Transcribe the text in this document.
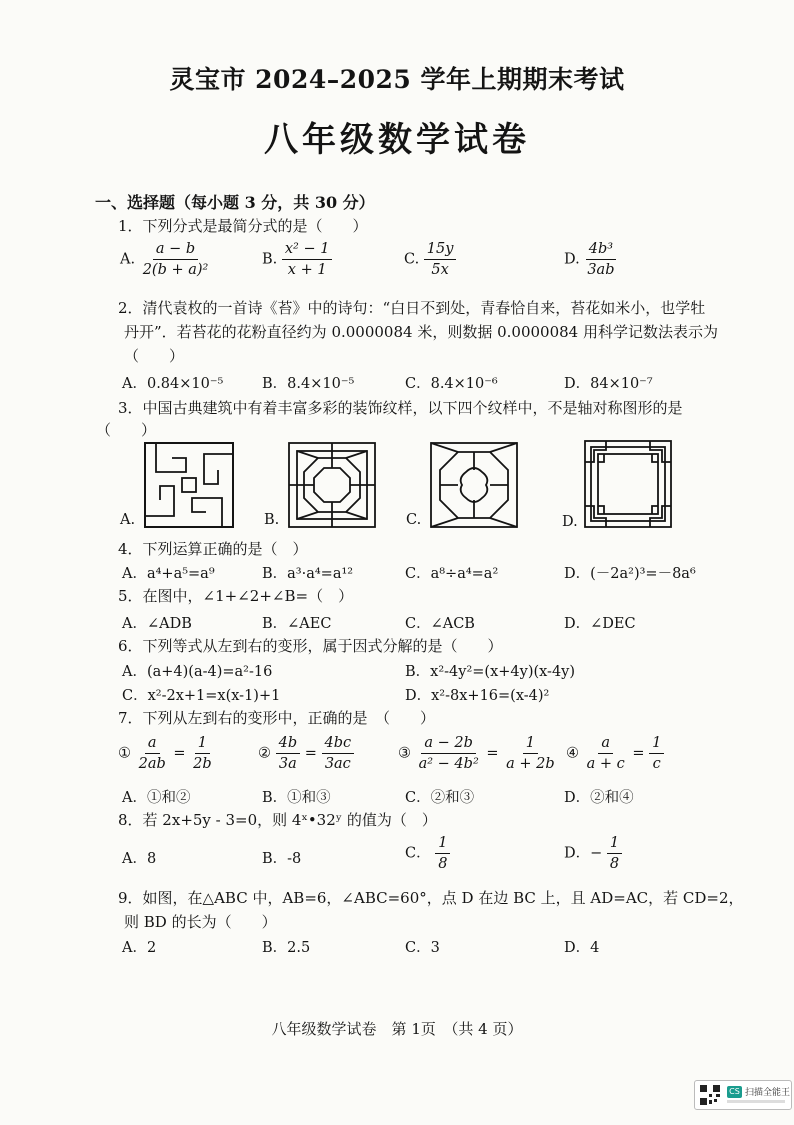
灵宝市 2024–2025 学年上期期末考试
八年级数学试卷
一、选择题（每小题 3 分，共 30 分）
1．下列分式是最简分式的是（　　）
A. $\frac{a - b}{\text{2(b + a)²}}$	B. $\frac{\text{x² − 1}}{x + 1}$	C. $\frac{15y}{5x}$	D. $\frac{\text{4b³}}{3ab}$
2．清代袁枚的一首诗《苔》中的诗句：“白日不到处，青春恰自来，苔花如米小，也学牡
丹开”．若苔花的花粉直径约为 0.0000084 米，则数据 0.0000084 用科学记数法表示为
（　　）
A．0.84×10⁻⁵	B．8.4×10⁻⁵	C．8.4×10⁻⁶	D．84×10⁻⁷
3．中国古典建筑中有着丰富多彩的装饰纹样，以下四个纹样中，不是轴对称图形的是
（　　）
A.	B.	C.	D.
4．下列运算正确的是（　）
A．a⁴+a⁵=a⁹	B．a³·a⁴=a¹²	C．a⁸÷a⁴=a²	D．(－2a²)³=－8a⁶
5．在图中，∠1+∠2+∠B=（　）
A．∠ADB	B．∠AEC	C．∠ACB	D．∠DEC
6．下列等式从左到右的变形，属于因式分解的是（　　）
A．(a+4)(a-4)=a²-16	B．x²-4y²=(x+4y)(x-4y)
C．x²-2x+1=x(x-1)+1	D．x²-8x+16=(x-4)²
7．下列从左到右的变形中，正确的是　（　　）
① $\frac{a}{2ab} = \frac{1}{2b}$	② $\frac{4b}{3a} = \frac{4bc}{3ac}$	③ $\frac{a - 2b}{\text{a² − 4b²}} = \frac{1}{a + 2b}$ ④ $\frac{a}{a + c} = \frac{1}{c}$
A．①和②	B．①和③	C．②和③	D．②和④
8．若 2x+5y - 3=0，则 4ˣ•32ʸ 的值为（　）
A．8	B．-8	C． $\frac{1}{8}$	D．− $\frac{1}{8}$
9．如图，在△ABC 中，AB=6，∠ABC=60°，点 D 在边 BC 上，且 AD=AC，若 CD=2，
则 BD 的长为（　　）
A．2	B．2.5	C．3	D．4
八年级数学试卷　第 1页　（共 4 页）
CS 扫描全能王
